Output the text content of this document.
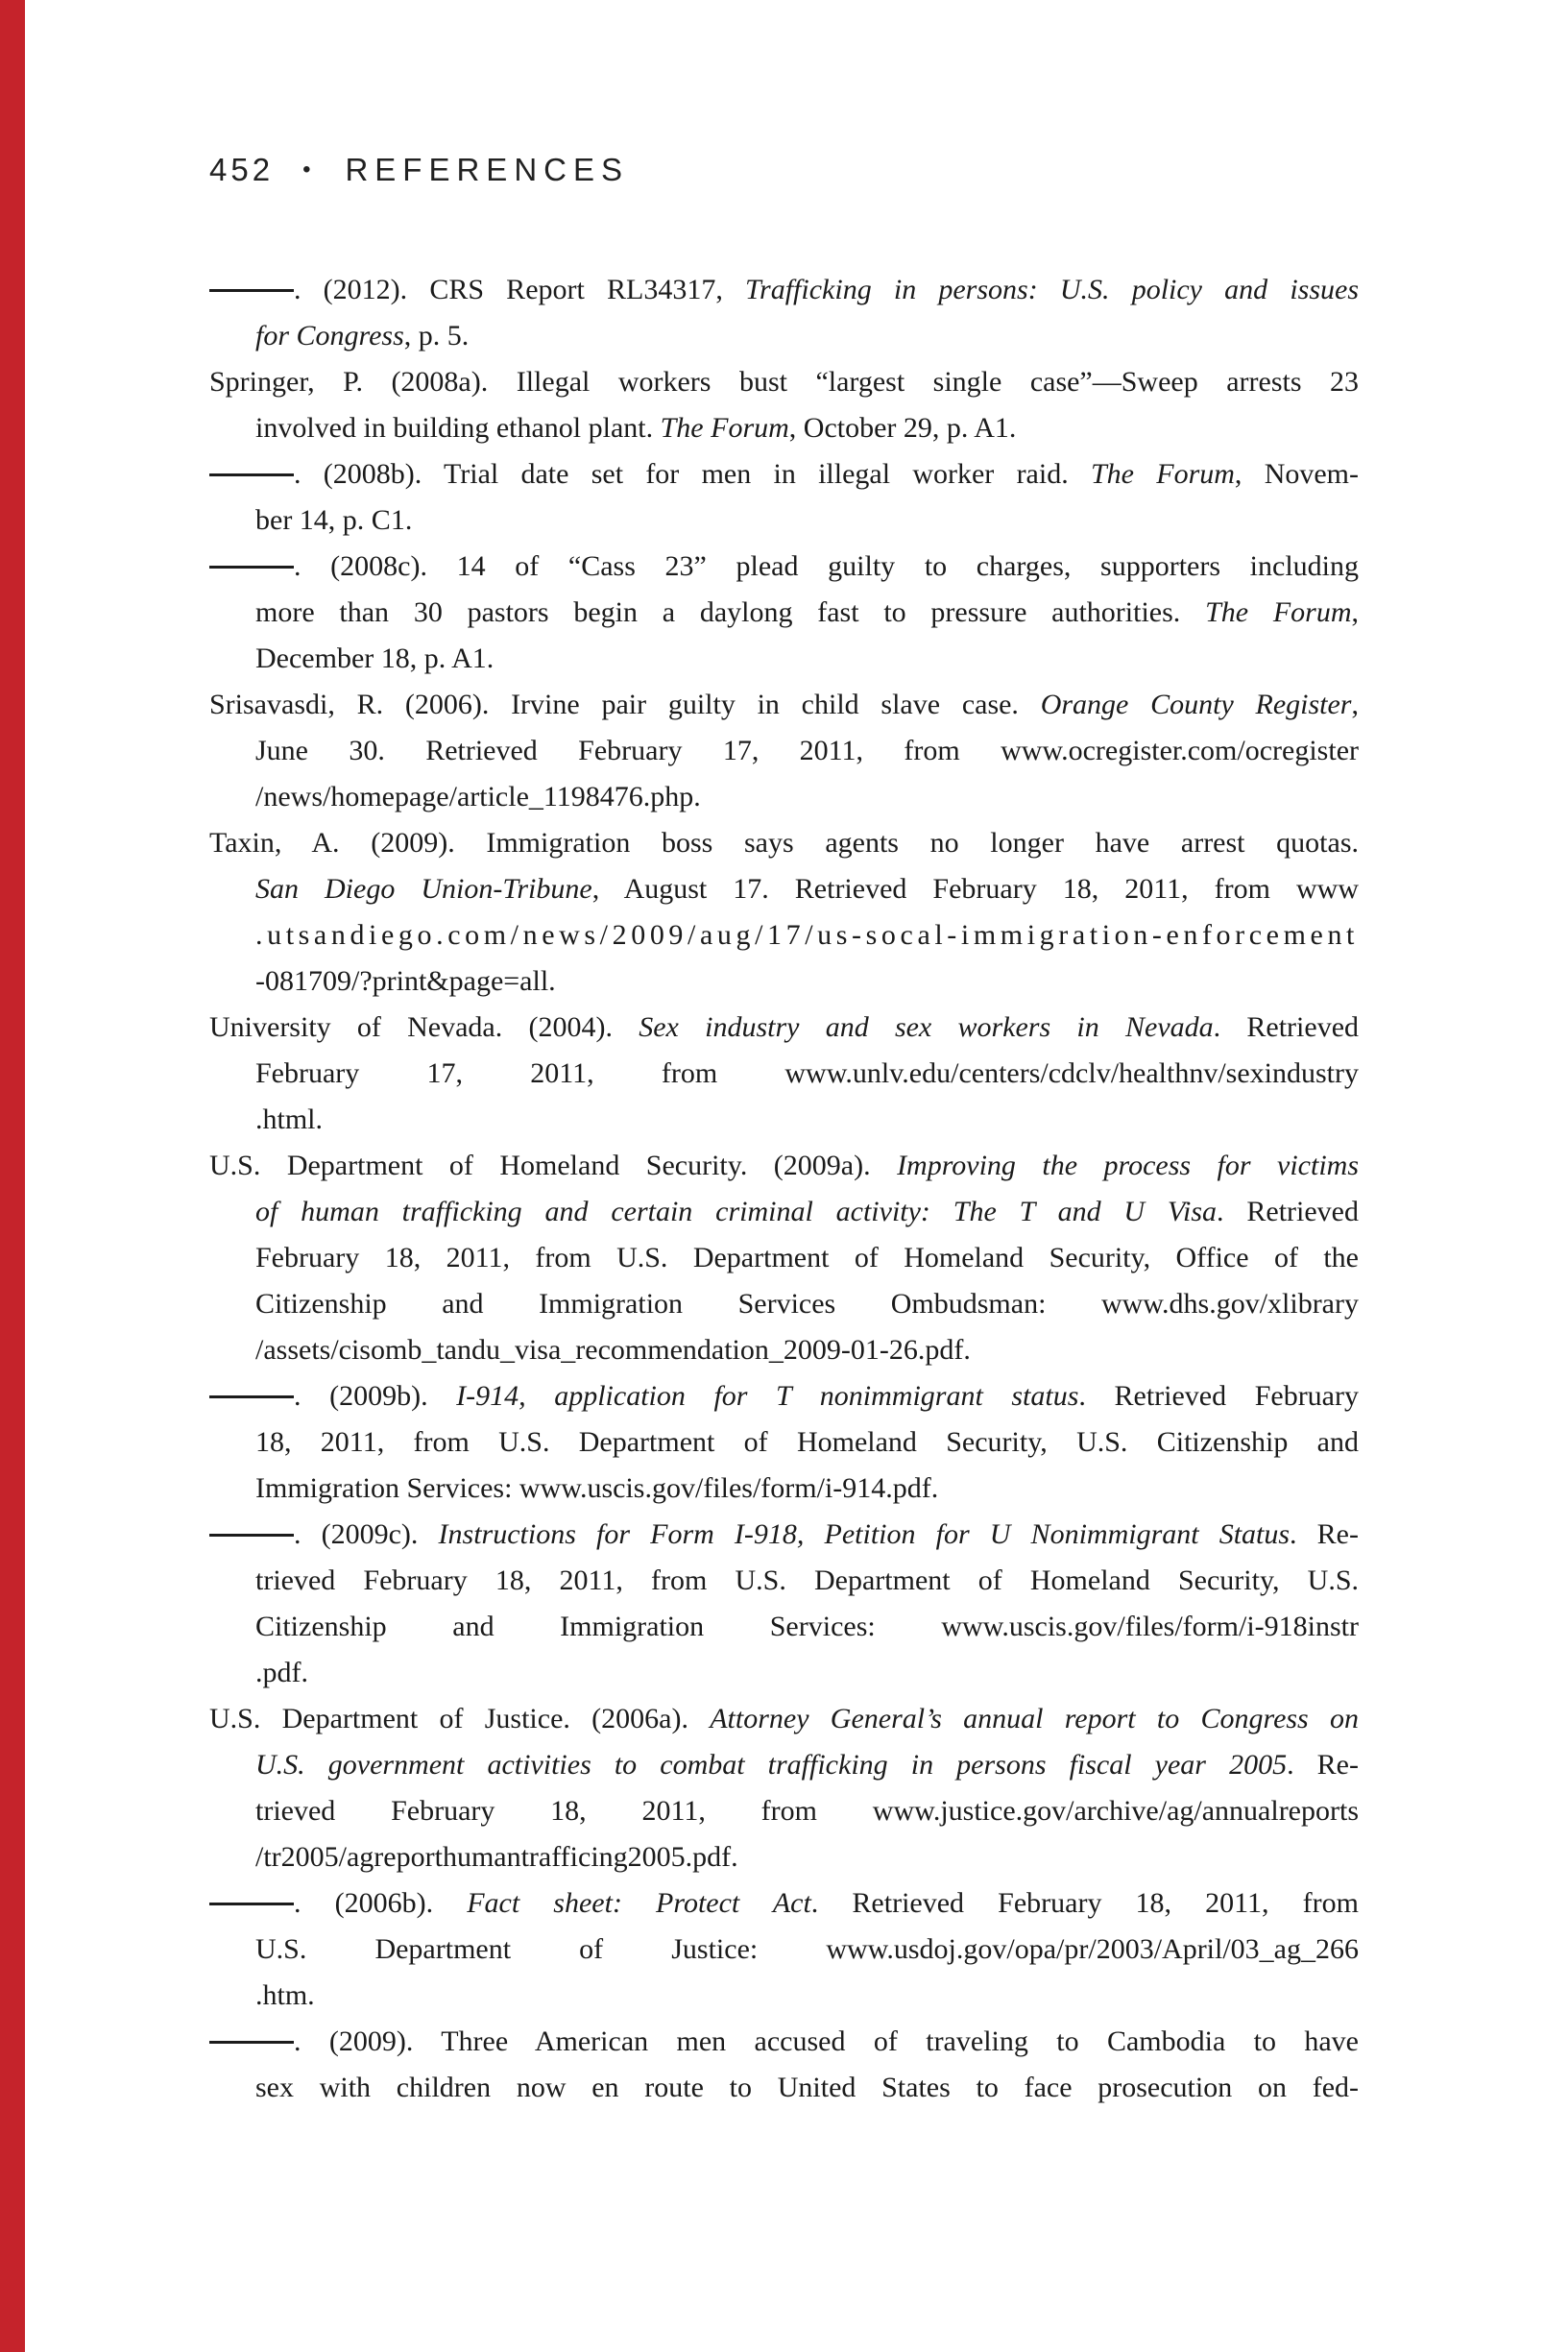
452 • REFERENCES
. (2012). CRS Report RL34317, Trafficking in persons: U.S. policy and issues
for Congress, p. 5.
Springer, P. (2008a). Illegal workers bust “largest single case”—Sweep arrests 23
involved in building ethanol plant. The Forum, October 29, p. A1.
. (2008b). Trial date set for men in illegal worker raid. The Forum, Novem-
ber 14, p. C1.
. (2008c). 14 of “Cass 23” plead guilty to charges, supporters including
more than 30 pastors begin a daylong fast to pressure authorities. The Forum,
December 18, p. A1.
Srisavasdi, R. (2006). Irvine pair guilty in child slave case. Orange County Register,
June 30. Retrieved February 17, 2011, from www.ocregister.com/ocregister
/news/homepage/article_1198476.php.
Taxin, A. (2009). Immigration boss says agents no longer have arrest quotas.
San Diego Union-Tribune, August 17. Retrieved February 18, 2011, from www
.utsandiego.com/news/2009/aug/17/us-socal-immigration-enforcement
-081709/?print&page=all.
University of Nevada. (2004). Sex industry and sex workers in Nevada. Retrieved
February 17, 2011, from www.unlv.edu/centers/cdclv/healthnv/sexindustry
.html.
U.S. Department of Homeland Security. (2009a). Improving the process for victims
of human trafficking and certain criminal activity: The T and U Visa. Retrieved
February 18, 2011, from U.S. Department of Homeland Security, Office of the
Citizenship and Immigration Services Ombudsman: www.dhs.gov/xlibrary
/assets/cisomb_tandu_visa_recommendation_2009-01-26.pdf.
. (2009b). I-914, application for T nonimmigrant status. Retrieved February
18, 2011, from U.S. Department of Homeland Security, U.S. Citizenship and
Immigration Services: www.uscis.gov/files/form/i-914.pdf.
. (2009c). Instructions for Form I-918, Petition for U Nonimmigrant Status. Re-
trieved February 18, 2011, from U.S. Department of Homeland Security, U.S.
Citizenship and Immigration Services: www.uscis.gov/files/form/i-918instr
.pdf.
U.S. Department of Justice. (2006a). Attorney General’s annual report to Congress on
U.S. government activities to combat trafficking in persons fiscal year 2005. Re-
trieved February 18, 2011, from www.justice.gov/archive/ag/annualreports
/tr2005/agreporthumantrafficing2005.pdf.
. (2006b). Fact sheet: Protect Act. Retrieved February 18, 2011, from
U.S. Department of Justice: www.usdoj.gov/opa/pr/2003/April/03_ag_266
.htm.
. (2009). Three American men accused of traveling to Cambodia to have
sex with children now en route to United States to face prosecution on fed-
